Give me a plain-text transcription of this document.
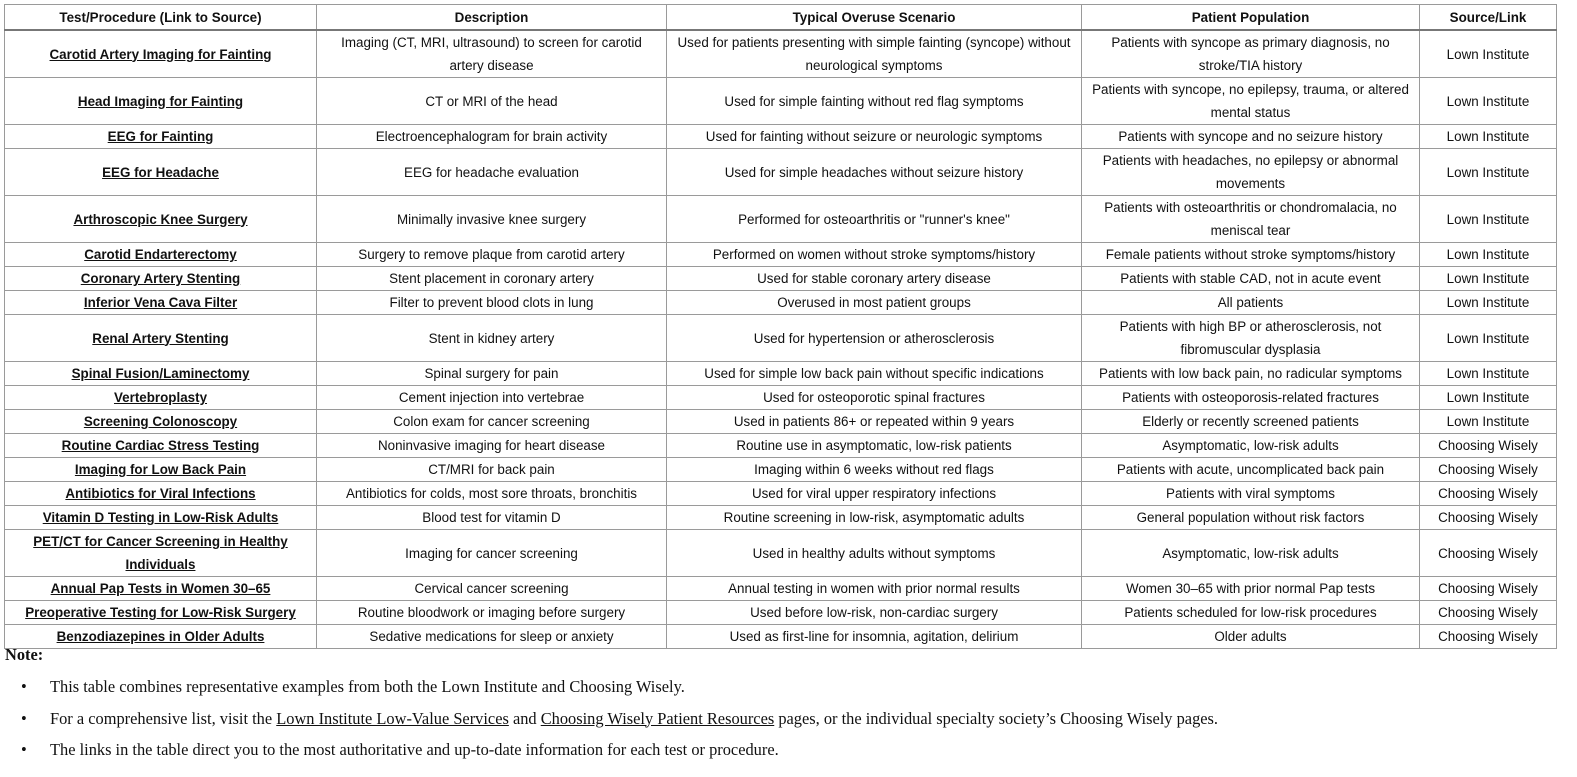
Test/Procedure (Link to Source)	Description	Typical Overuse Scenario	Patient Population	Source/Link
Carotid Artery Imaging for Fainting	Imaging (CT, MRI, ultrasound) to screen for carotid artery disease	Used for patients presenting with simple fainting (syncope) without neurological symptoms	Patients with syncope as primary diagnosis, no stroke/TIA history	Lown Institute
Head Imaging for Fainting	CT or MRI of the head	Used for simple fainting without red flag symptoms	Patients with syncope, no epilepsy, trauma, or altered mental status	Lown Institute
EEG for Fainting	Electroencephalogram for brain activity	Used for fainting without seizure or neurologic symptoms	Patients with syncope and no seizure history	Lown Institute
EEG for Headache	EEG for headache evaluation	Used for simple headaches without seizure history	Patients with headaches, no epilepsy or abnormal movements	Lown Institute
Arthroscopic Knee Surgery	Minimally invasive knee surgery	Performed for osteoarthritis or "runner's knee"	Patients with osteoarthritis or chondromalacia, no meniscal tear	Lown Institute
Carotid Endarterectomy	Surgery to remove plaque from carotid artery	Performed on women without stroke symptoms/history	Female patients without stroke symptoms/history	Lown Institute
Coronary Artery Stenting	Stent placement in coronary artery	Used for stable coronary artery disease	Patients with stable CAD, not in acute event	Lown Institute
Inferior Vena Cava Filter	Filter to prevent blood clots in lung	Overused in most patient groups	All patients	Lown Institute
Renal Artery Stenting	Stent in kidney artery	Used for hypertension or atherosclerosis	Patients with high BP or atherosclerosis, not fibromuscular dysplasia	Lown Institute
Spinal Fusion/Laminectomy	Spinal surgery for pain	Used for simple low back pain without specific indications	Patients with low back pain, no radicular symptoms	Lown Institute
Vertebroplasty	Cement injection into vertebrae	Used for osteoporotic spinal fractures	Patients with osteoporosis-related fractures	Lown Institute
Screening Colonoscopy	Colon exam for cancer screening	Used in patients 86+ or repeated within 9 years	Elderly or recently screened patients	Lown Institute
Routine Cardiac Stress Testing	Noninvasive imaging for heart disease	Routine use in asymptomatic, low-risk patients	Asymptomatic, low-risk adults	Choosing Wisely
Imaging for Low Back Pain	CT/MRI for back pain	Imaging within 6 weeks without red flags	Patients with acute, uncomplicated back pain	Choosing Wisely
Antibiotics for Viral Infections	Antibiotics for colds, most sore throats, bronchitis	Used for viral upper respiratory infections	Patients with viral symptoms	Choosing Wisely
Vitamin D Testing in Low-Risk Adults	Blood test for vitamin D	Routine screening in low-risk, asymptomatic adults	General population without risk factors	Choosing Wisely
PET/CT for Cancer Screening in Healthy Individuals	Imaging for cancer screening	Used in healthy adults without symptoms	Asymptomatic, low-risk adults	Choosing Wisely
Annual Pap Tests in Women 30–65	Cervical cancer screening	Annual testing in women with prior normal results	Women 30–65 with prior normal Pap tests	Choosing Wisely
Preoperative Testing for Low-Risk Surgery	Routine bloodwork or imaging before surgery	Used before low-risk, non-cardiac surgery	Patients scheduled for low-risk procedures	Choosing Wisely
Benzodiazepines in Older Adults	Sedative medications for sleep or anxiety	Used as first-line for insomnia, agitation, delirium	Older adults	Choosing Wisely
Note:
• This table combines representative examples from both the Lown Institute and Choosing Wisely.
• For a comprehensive list, visit the Lown Institute Low-Value Services and Choosing Wisely Patient Resources pages, or the individual specialty society’s Choosing Wisely pages.
• The links in the table direct you to the most authoritative and up-to-date information for each test or procedure.
